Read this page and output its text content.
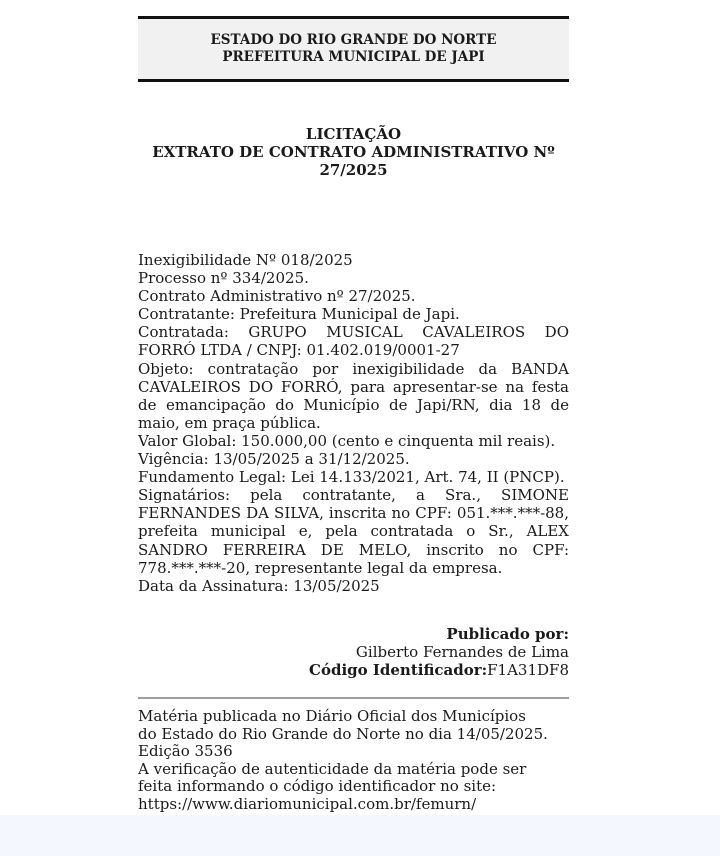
ESTADO DO RIO GRANDE DO NORTE
PREFEITURA MUNICIPAL DE JAPI
LICITAÇÃO
EXTRATO DE CONTRATO ADMINISTRATIVO Nº
27/2025

Inexigibilidade Nº 018/2025

Processo nº 334/2025.

Contrato Administrativo nº 27/2025.

Contratante: Prefeitura Municipal de Japi.

Contratada: GRUPO MUSICAL CAVALEIROS DO FORRÓ LTDA / CNPJ: 01.402.019/0001-27

Objeto: contratação por inexigibilidade da BANDA CAVALEIROS DO FORRÓ, para apresentar-se na festa de emancipação do Município de Japi/RN, dia 18 de maio, em praça pública.

Valor Global: 150.000,00 (cento e cinquenta mil reais).

Vigência: 13/05/2025 a 31/12/2025.

Fundamento Legal: Lei 14.133/2021, Art. 74, II (PNCP).

Signatários: pela contratante, a Sra., SIMONE FERNANDES DA SILVA, inscrita no CPF: 051.***.***-88, prefeita municipal e, pela contratada o Sr., ALEX SANDRO FERREIRA DE MELO, inscrito no CPF: 778.***.***-20, representante legal da empresa.

Data da Assinatura: 13/05/2025

Publicado por:
Gilberto Fernandes de Lima
Código Identificador:F1A31DF8
Matéria publicada no Diário Oficial dos Municípios
do Estado do Rio Grande do Norte no dia 14/05/2025.
Edição 3536
A verificação de autenticidade da matéria pode ser
feita informando o código identificador no site:
https://www.diariomunicipal.com.br/femurn/
